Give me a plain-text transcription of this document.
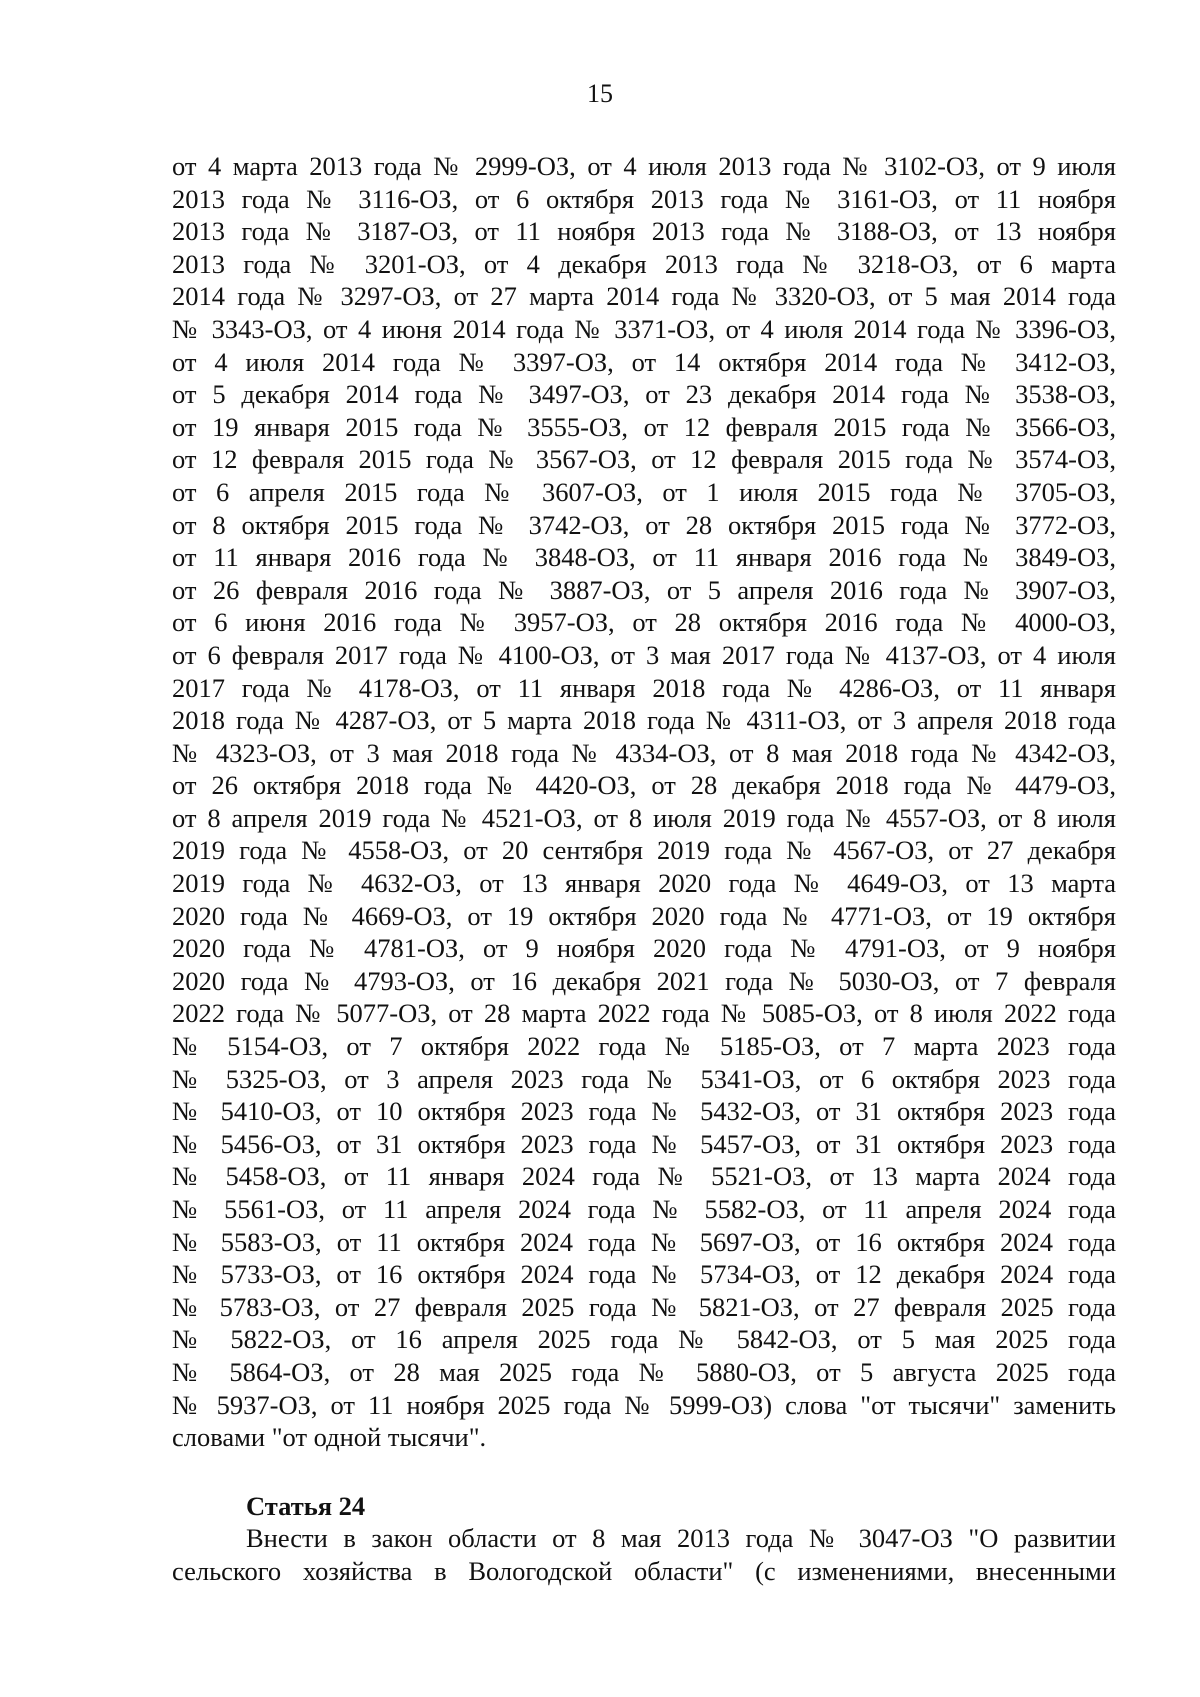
15
от 4 марта 2013 года № 2999-ОЗ, от 4 июля 2013 года № 3102-ОЗ, от 9 июля
2013 года № 3116-ОЗ, от 6 октября 2013 года № 3161-ОЗ, от 11 ноября
2013 года № 3187-ОЗ, от 11 ноября 2013 года № 3188-ОЗ, от 13 ноября
2013 года № 3201-ОЗ, от 4 декабря 2013 года № 3218-ОЗ, от 6 марта
2014 года № 3297-ОЗ, от 27 марта 2014 года № 3320-ОЗ, от 5 мая 2014 года
№ 3343-ОЗ, от 4 июня 2014 года № 3371-ОЗ, от 4 июля 2014 года № 3396-ОЗ,
от 4 июля 2014 года № 3397-ОЗ, от 14 октября 2014 года № 3412-ОЗ,
от 5 декабря 2014 года № 3497-ОЗ, от 23 декабря 2014 года № 3538-ОЗ,
от 19 января 2015 года № 3555-ОЗ, от 12 февраля 2015 года № 3566-ОЗ,
от 12 февраля 2015 года № 3567-ОЗ, от 12 февраля 2015 года № 3574-ОЗ,
от 6 апреля 2015 года № 3607-ОЗ, от 1 июля 2015 года № 3705-ОЗ,
от 8 октября 2015 года № 3742-ОЗ, от 28 октября 2015 года № 3772-ОЗ,
от 11 января 2016 года № 3848-ОЗ, от 11 января 2016 года № 3849-ОЗ,
от 26 февраля 2016 года № 3887-ОЗ, от 5 апреля 2016 года № 3907-ОЗ,
от 6 июня 2016 года № 3957-ОЗ, от 28 октября 2016 года № 4000-ОЗ,
от 6 февраля 2017 года № 4100-ОЗ, от 3 мая 2017 года № 4137-ОЗ, от 4 июля
2017 года № 4178-ОЗ, от 11 января 2018 года № 4286-ОЗ, от 11 января
2018 года № 4287-ОЗ, от 5 марта 2018 года № 4311-ОЗ, от 3 апреля 2018 года
№ 4323-ОЗ, от 3 мая 2018 года № 4334-ОЗ, от 8 мая 2018 года № 4342-ОЗ,
от 26 октября 2018 года № 4420-ОЗ, от 28 декабря 2018 года № 4479-ОЗ,
от 8 апреля 2019 года № 4521-ОЗ, от 8 июля 2019 года № 4557-ОЗ, от 8 июля
2019 года № 4558-ОЗ, от 20 сентября 2019 года № 4567-ОЗ, от 27 декабря
2019 года № 4632-ОЗ, от 13 января 2020 года № 4649-ОЗ, от 13 марта
2020 года № 4669-ОЗ, от 19 октября 2020 года № 4771-ОЗ, от 19 октября
2020 года № 4781-ОЗ, от 9 ноября 2020 года № 4791-ОЗ, от 9 ноября
2020 года № 4793-ОЗ, от 16 декабря 2021 года № 5030-ОЗ, от 7 февраля
2022 года № 5077-ОЗ, от 28 марта 2022 года № 5085-ОЗ, от 8 июля 2022 года
№ 5154-ОЗ, от 7 октября 2022 года № 5185-ОЗ, от 7 марта 2023 года
№ 5325-ОЗ, от 3 апреля 2023 года № 5341-ОЗ, от 6 октября 2023 года
№ 5410-ОЗ, от 10 октября 2023 года № 5432-ОЗ, от 31 октября 2023 года
№ 5456-ОЗ, от 31 октября 2023 года № 5457-ОЗ, от 31 октября 2023 года
№ 5458-ОЗ, от 11 января 2024 года № 5521-ОЗ, от 13 марта 2024 года
№ 5561-ОЗ, от 11 апреля 2024 года № 5582-ОЗ, от 11 апреля 2024 года
№ 5583-ОЗ, от 11 октября 2024 года № 5697-ОЗ, от 16 октября 2024 года
№ 5733-ОЗ, от 16 октября 2024 года № 5734-ОЗ, от 12 декабря 2024 года
№ 5783-ОЗ, от 27 февраля 2025 года № 5821-ОЗ, от 27 февраля 2025 года
№ 5822-ОЗ, от 16 апреля 2025 года № 5842-ОЗ, от 5 мая 2025 года
№ 5864-ОЗ, от 28 мая 2025 года № 5880-ОЗ, от 5 августа 2025 года
№ 5937-ОЗ, от 11 ноября 2025 года № 5999-ОЗ) слова "от тысячи" заменить
словами "от одной тысячи".
Статья 24
Внести в закон области от 8 мая 2013 года № 3047-ОЗ "О развитии
сельского хозяйства в Вологодской области" (с изменениями, внесенными
